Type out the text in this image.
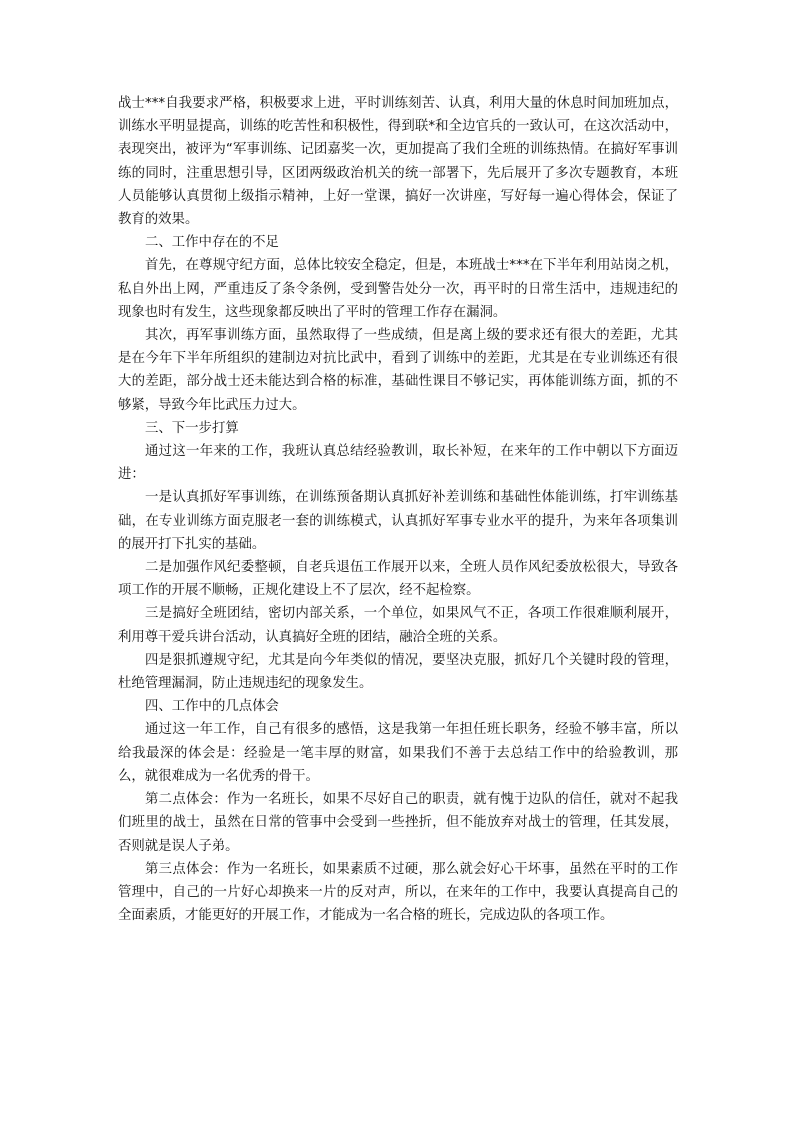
战士***自我要求严格，积极要求上进，平时训练刻苦、认真，利用大量的休息时间加班加点，训练水平明显提高，训练的吃苦性和积极性，得到联*和全边官兵的一致认可，在这次活动中，表现突出，被评为“军事训练、记团嘉奖一次，更加提高了我们全班的训练热情。在搞好军事训练的同时，注重思想引导，区团两级政治机关的统一部署下，先后展开了多次专题教育，本班人员能够认真贯彻上级指示精神，上好一堂课，搞好一次讲座，写好每一遍心得体会，保证了教育的效果。

二、工作中存在的不足

首先，在尊规守纪方面，总体比较安全稳定，但是，本班战士***在下半年利用站岗之机，私自外出上网，严重违反了条令条例，受到警告处分一次，再平时的日常生活中，违规违纪的现象也时有发生，这些现象都反映出了平时的管理工作存在漏洞。

其次，再军事训练方面，虽然取得了一些成绩，但是离上级的要求还有很大的差距，尤其是在今年下半年所组织的建制边对抗比武中，看到了训练中的差距，尤其是在专业训练还有很大的差距，部分战士还未能达到合格的标准，基础性课目不够记实，再体能训练方面，抓的不够紧，导致今年比武压力过大。

三、下一步打算

通过这一年来的工作，我班认真总结经验教训，取长补短，在来年的工作中朝以下方面迈进：

一是认真抓好军事训练，在训练预备期认真抓好补差训练和基础性体能训练，打牢训练基础，在专业训练方面克服老一套的训练模式，认真抓好军事专业水平的提升，为来年各项集训的展开打下扎实的基础。

二是加强作风纪委整顿，自老兵退伍工作展开以来，全班人员作风纪委放松很大，导致各项工作的开展不顺畅，正规化建设上不了层次，经不起检察。

三是搞好全班团结，密切内部关系，一个单位，如果风气不正，各项工作很难顺利展开，利用尊干爱兵讲台活动，认真搞好全班的团结，融洽全班的关系。

四是狠抓遵规守纪，尤其是向今年类似的情况，要坚决克服，抓好几个关键时段的管理，杜绝管理漏洞，防止违规违纪的现象发生。

四、工作中的几点体会

通过这一年工作，自己有很多的感悟，这是我第一年担任班长职务，经验不够丰富，所以给我最深的体会是：经验是一笔丰厚的财富，如果我们不善于去总结工作中的给验教训，那么，就很难成为一名优秀的骨干。

第二点体会：作为一名班长，如果不尽好自己的职责，就有愧于边队的信任，就对不起我们班里的战士，虽然在日常的管事中会受到一些挫折，但不能放弃对战士的管理，任其发展，否则就是误人子弟。

第三点体会：作为一名班长，如果素质不过硬，那么就会好心干坏事，虽然在平时的工作管理中，自己的一片好心却换来一片的反对声，所以，在来年的工作中，我要认真提高自己的全面素质，才能更好的开展工作，才能成为一名合格的班长，完成边队的各项工作。
